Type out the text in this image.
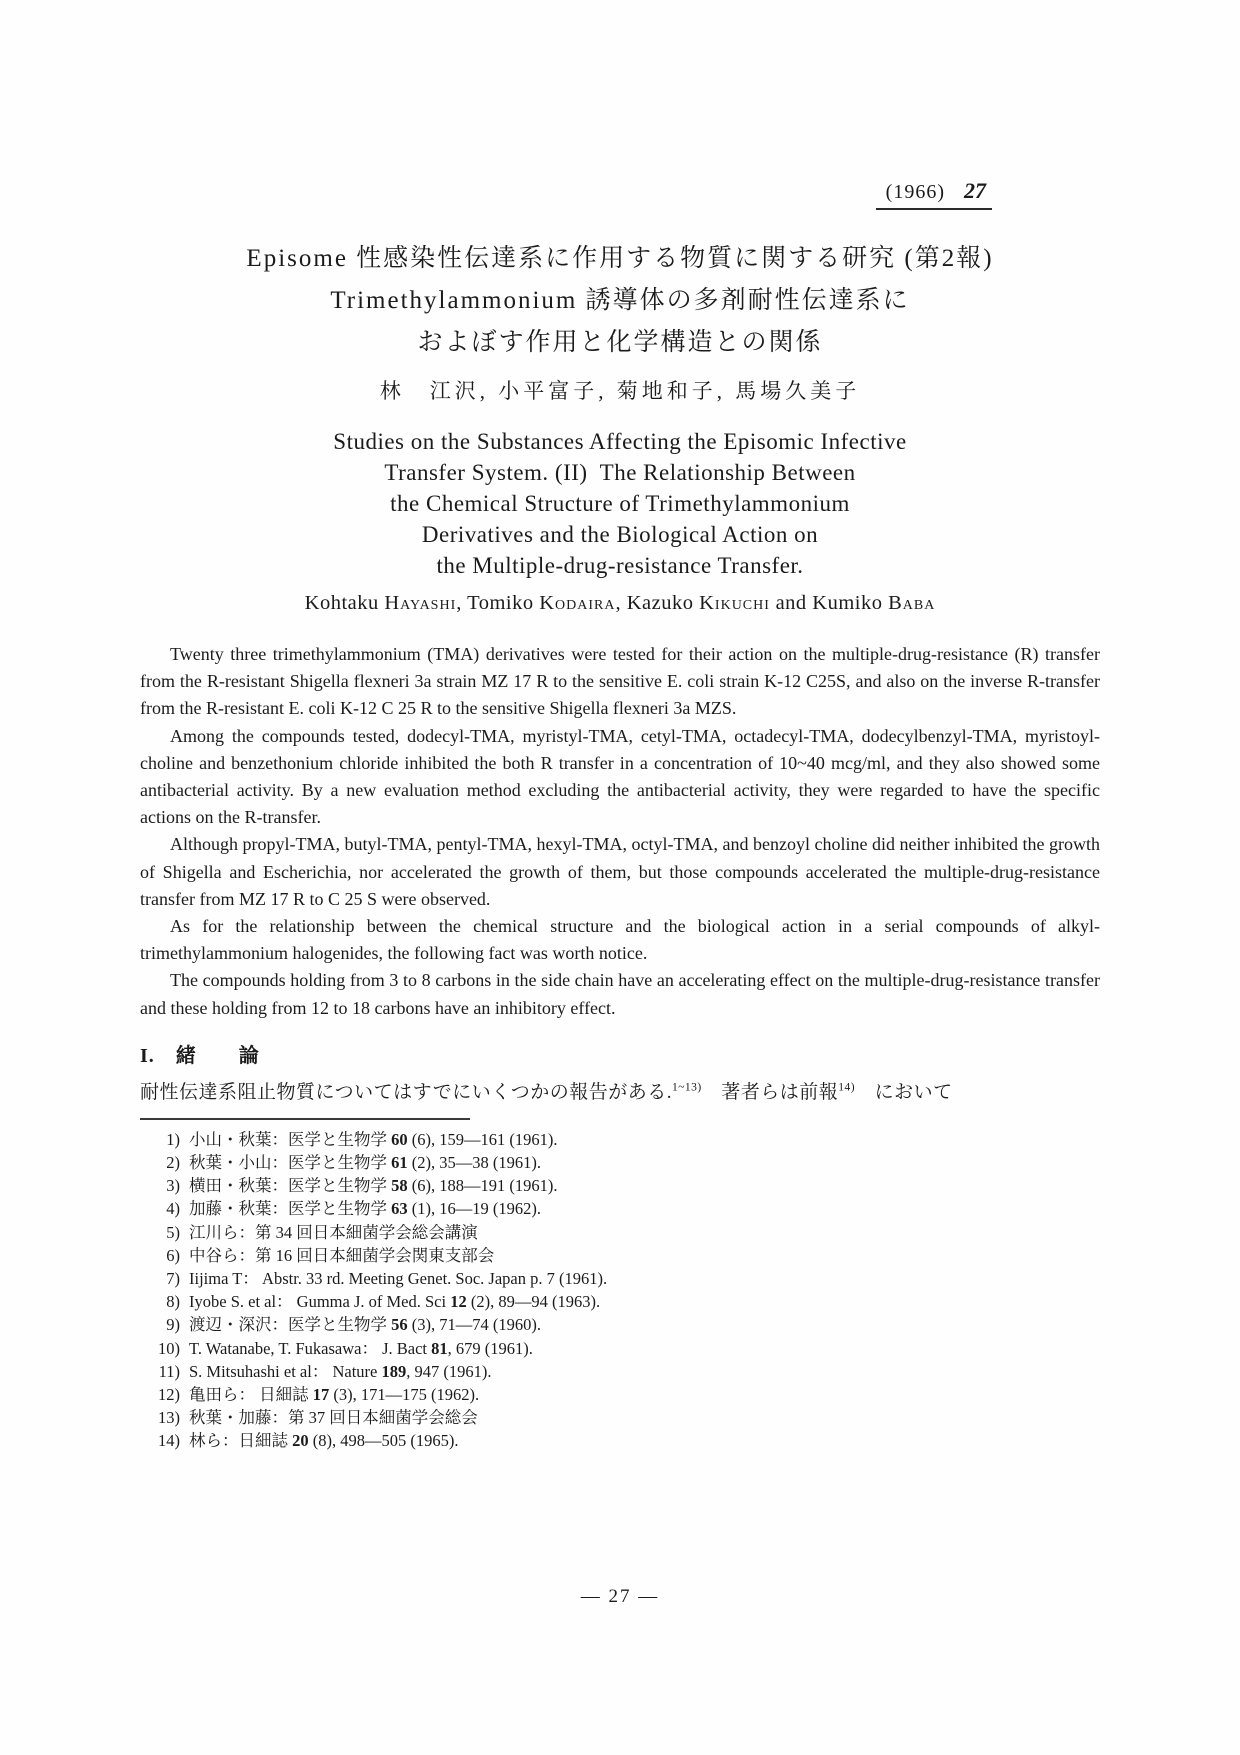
(1966) 27
Episome 性感染性伝達系に作用する物質に関する研究 (第2報)
Trimethylammonium 誘導体の多剤耐性伝達系に
およぼす作用と化学構造との関係
林　江沢, 小平富子, 菊地和子, 馬場久美子
Studies on the Substances Affecting the Episomic Infective
Transfer System. (II)  The Relationship Between
the Chemical Structure of Trimethylammonium
Derivatives and the Biological Action on
the Multiple-drug-resistance Transfer.
Kohtaku Hayashi, Tomiko Kodaira, Kazuko Kikuchi and Kumiko Baba

Twenty three trimethylammonium (TMA) derivatives were tested for their action on the multiple-drug-resistance (R) transfer from the R-resistant Shigella flexneri 3a strain MZ 17 R to the sensitive E. coli strain K-12 C25S, and also on the inverse R-transfer from the R-resistant E. coli K-12 C 25 R to the sensitive Shigella flexneri 3a MZS.

Among the compounds tested, dodecyl-TMA, myristyl-TMA, cetyl-TMA, octadecyl-TMA, dodecylbenzyl-TMA, myristoyl-choline and benzethonium chloride inhibited the both R transfer in a concentration of 10~40 mcg/ml, and they also showed some antibacterial activity. By a new evaluation method excluding the antibacterial activity, they were regarded to have the specific actions on the R-transfer.

Although propyl-TMA, butyl-TMA, pentyl-TMA, hexyl-TMA, octyl-TMA, and benzoyl choline did neither inhibited the growth of Shigella and Escherichia, nor accelerated the growth of them, but those compounds accelerated the multiple-drug-resistance transfer from MZ 17 R to C 25 S were observed.

As for the relationship between the chemical structure and the biological action in a serial compounds of alkyl-trimethylammonium halogenides, the following fact was worth notice.

The compounds holding from 3 to 8 carbons in the side chain have an accelerating effect on the multiple-drug-resistance transfer and these holding from 12 to 18 carbons have an inhibitory effect.

I.　緒　　論
耐性伝達系阻止物質についてはすでにいくつかの報告がある.$^{1\sim 13)}$　著者らは前報$^{14)}$　において
1) 小山・秋葉：医学と生物学 60 (6), 159—161 (1961).
2) 秋葉・小山：医学と生物学 61 (2), 35—38 (1961).
3) 横田・秋葉：医学と生物学 58 (6), 188—191 (1961).
4) 加藤・秋葉：医学と生物学 63 (1), 16—19 (1962).
5) 江川ら：第 34 回日本細菌学会総会講演
6) 中谷ら：第 16 回日本細菌学会関東支部会
7) Iijima T： Abstr. 33 rd. Meeting Genet. Soc. Japan p. 7 (1961).
8) Iyobe S. et al： Gumma J. of Med. Sci 12 (2), 89—94 (1963).
9) 渡辺・深沢：医学と生物学 56 (3), 71—74 (1960).
10) T. Watanabe, T. Fukasawa： J. Bact 81, 679 (1961).
11) S. Mitsuhashi et al： Nature 189, 947 (1961).
12) 亀田ら： 日細誌 17 (3), 171—175 (1962).
13) 秋葉・加藤：第 37 回日本細菌学会総会
14) 林ら：日細誌 20 (8), 498—505 (1965).
— 27 —
